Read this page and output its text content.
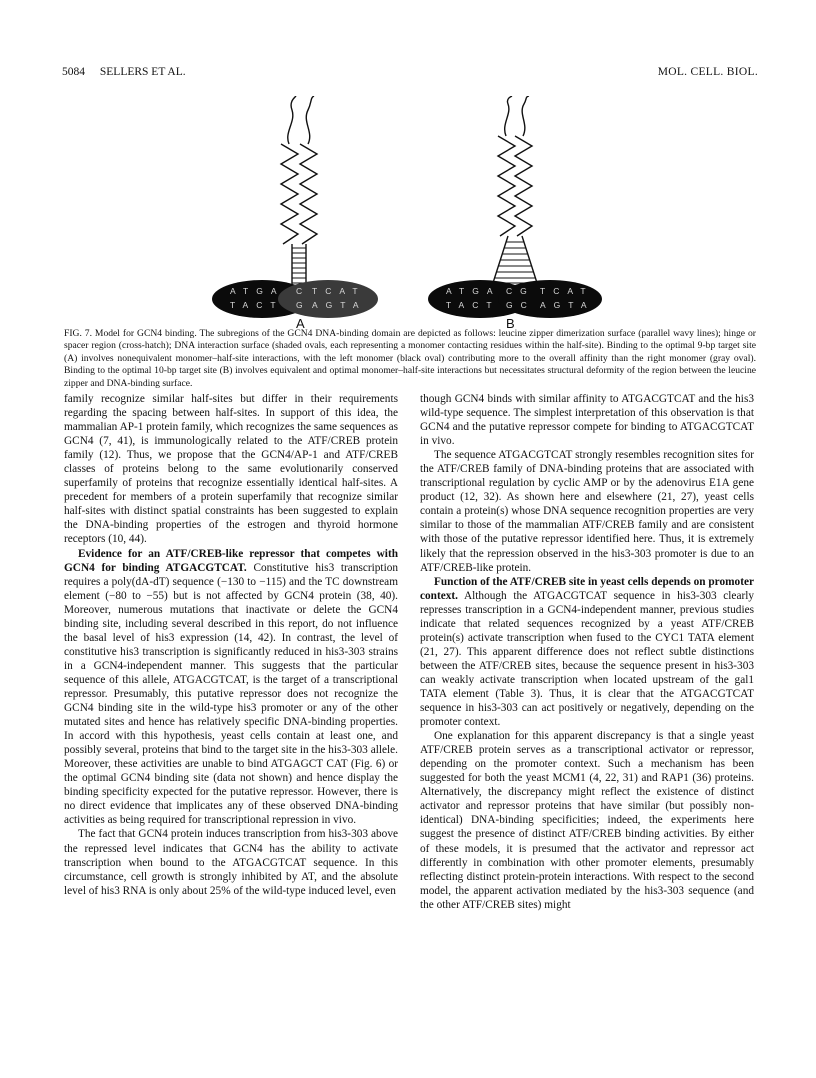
5084 SELLERS ET AL.	MOL. CELL. BIOL.
ATGA C TCAT
TACT G AGTA
A
ATGA CG TCAT
TACT GC AGTA
B
FIG. 7. Model for GCN4 binding. The subregions of the GCN4 DNA-binding domain are depicted as follows: leucine zipper dimerization surface (parallel wavy lines); hinge or spacer region (cross-hatch); DNA interaction surface (shaded ovals, each representing a monomer contacting residues within the half-site). Binding to the optimal 9-bp target site (A) involves nonequivalent monomer–half-site interactions, with the left monomer (black oval) contributing more to the overall affinity than the right monomer (gray oval). Binding to the optimal 10-bp target site (B) involves equivalent and optimal monomer–half-site interactions but necessitates structural deformity of the region between the leucine zipper and DNA-binding surface.

family recognize similar half-sites but differ in their requirements regarding the spacing between half-sites. In support of this idea, the mammalian AP-1 protein family, which recognizes the same sequences as GCN4 (7, 41), is immunologically related to the ATF/CREB protein family (12). Thus, we propose that the GCN4/AP-1 and ATF/CREB classes of proteins belong to the same evolutionarily conserved superfamily of proteins that recognize essentially identical half-sites. A precedent for members of a protein superfamily that recognize similar half-sites with distinct spatial constraints has been suggested to explain the DNA-binding properties of the estrogen and thyroid hormone receptors (10, 44).

Evidence for an ATF/CREB-like repressor that competes with GCN4 for binding ATGACGTCAT. Constitutive his3 transcription requires a poly(dA-dT) sequence (−130 to −115) and the TC downstream element (−80 to −55) but is not affected by GCN4 protein (38, 40). Moreover, numerous mutations that inactivate or delete the GCN4 binding site, including several described in this report, do not influence the basal level of his3 expression (14, 42). In contrast, the level of constitutive his3 transcription is significantly reduced in his3-303 strains in a GCN4-independent manner. This suggests that the particular sequence of this allele, ATGACGTCAT, is the target of a transcriptional repressor. Presumably, this putative repressor does not recognize the GCN4 binding site in the wild-type his3 promoter or any of the other mutated sites and hence has relatively specific DNA-binding properties. In accord with this hypothesis, yeast cells contain at least one, and possibly several, proteins that bind to the target site in the his3-303 allele. Moreover, these activities are unable to bind ATGAGCT CAT (Fig. 6) or the optimal GCN4 binding site (data not shown) and hence display the binding specificity expected for the putative repressor. However, there is no direct evidence that implicates any of these observed DNA-binding activities as being required for transcriptional repression in vivo.

The fact that GCN4 protein induces transcription from his3-303 above the repressed level indicates that GCN4 has the ability to activate transcription when bound to the ATGACGTCAT sequence. In this circumstance, cell growth is strongly inhibited by AT, and the absolute level of his3 RNA is only about 25% of the wild-type induced level, even

though GCN4 binds with similar affinity to ATGACGTCAT and the his3 wild-type sequence. The simplest interpretation of this observation is that GCN4 and the putative repressor compete for binding to ATGACGTCAT in vivo.

The sequence ATGACGTCAT strongly resembles recognition sites for the ATF/CREB family of DNA-binding proteins that are associated with transcriptional regulation by cyclic AMP or by the adenovirus E1A gene product (12, 32). As shown here and elsewhere (21, 27), yeast cells contain a protein(s) whose DNA sequence recognition properties are very similar to those of the mammalian ATF/CREB family and are consistent with those of the putative repressor identified here. Thus, it is extremely likely that the repression observed in the his3-303 promoter is due to an ATF/CREB-like protein.

Function of the ATF/CREB site in yeast cells depends on promoter context. Although the ATGACGTCAT sequence in his3-303 clearly represses transcription in a GCN4-independent manner, previous studies indicate that related sequences recognized by a yeast ATF/CREB protein(s) activate transcription when fused to the CYC1 TATA element (21, 27). This apparent difference does not reflect subtle distinctions between the ATF/CREB sites, because the sequence present in his3-303 can weakly activate transcription when located upstream of the gal1 TATA element (Table 3). Thus, it is clear that the ATGACGTCAT sequence in his3-303 can act positively or negatively, depending on the promoter context.

One explanation for this apparent discrepancy is that a single yeast ATF/CREB protein serves as a transcriptional activator or repressor, depending on the promoter context. Such a mechanism has been suggested for both the yeast MCM1 (4, 22, 31) and RAP1 (36) proteins. Alternatively, the discrepancy might reflect the existence of distinct activator and repressor proteins that have similar (but possibly non-identical) DNA-binding specificities; indeed, the experiments here suggest the presence of distinct ATF/CREB binding activities. By either of these models, it is presumed that the activator and repressor act differently in combination with other promoter elements, presumably reflecting distinct protein-protein interactions. With respect to the second model, the apparent activation mediated by the his3-303 sequence (and the other ATF/CREB sites) might
